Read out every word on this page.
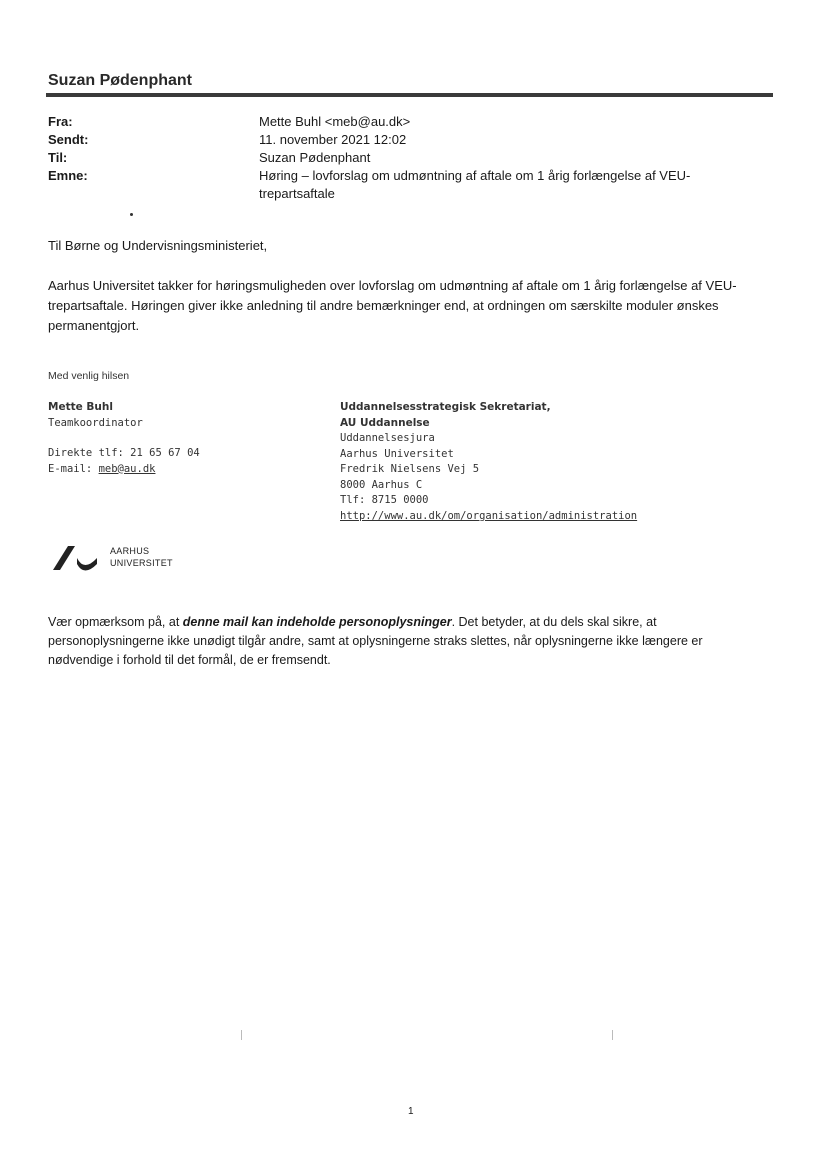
Suzan Pødenphant
Fra:	Mette Buhl <meb@au.dk>
Sendt:	11. november 2021 12:02
Til:	Suzan Pødenphant
Emne:	Høring – lovforslag om udmøntning af aftale om 1 årig forlængelse af VEU-trepartsaftale
Til Børne og Undervisningsministeriet,
Aarhus Universitet takker for høringsmuligheden over lovforslag om udmøntning af aftale om 1 årig forlængelse af VEU-trepartsaftale. Høringen giver ikke anledning til andre bemærkninger end, at ordningen om særskilte moduler ønskes permanentgjort.
Med venlig hilsen
Mette Buhl
Teamkoordinator
Direkte tlf: 21 65 67 04
E-mail: meb@au.dk
Uddannelsesstrategisk Sekretariat,
AU Uddannelse
Uddannelsesjura
Aarhus Universitet
Fredrik Nielsens Vej 5
8000 Aarhus C
Tlf: 8715 0000
http://www.au.dk/om/organisation/administration
AARHUS
UNIVERSITET
Vær opmærksom på, at denne mail kan indeholde personoplysninger. Det betyder, at du dels skal sikre, at personoplysningerne ikke unødigt tilgår andre, samt at oplysningerne straks slettes, når oplysningerne ikke længere er nødvendige i forhold til det formål, de er fremsendt.
1
